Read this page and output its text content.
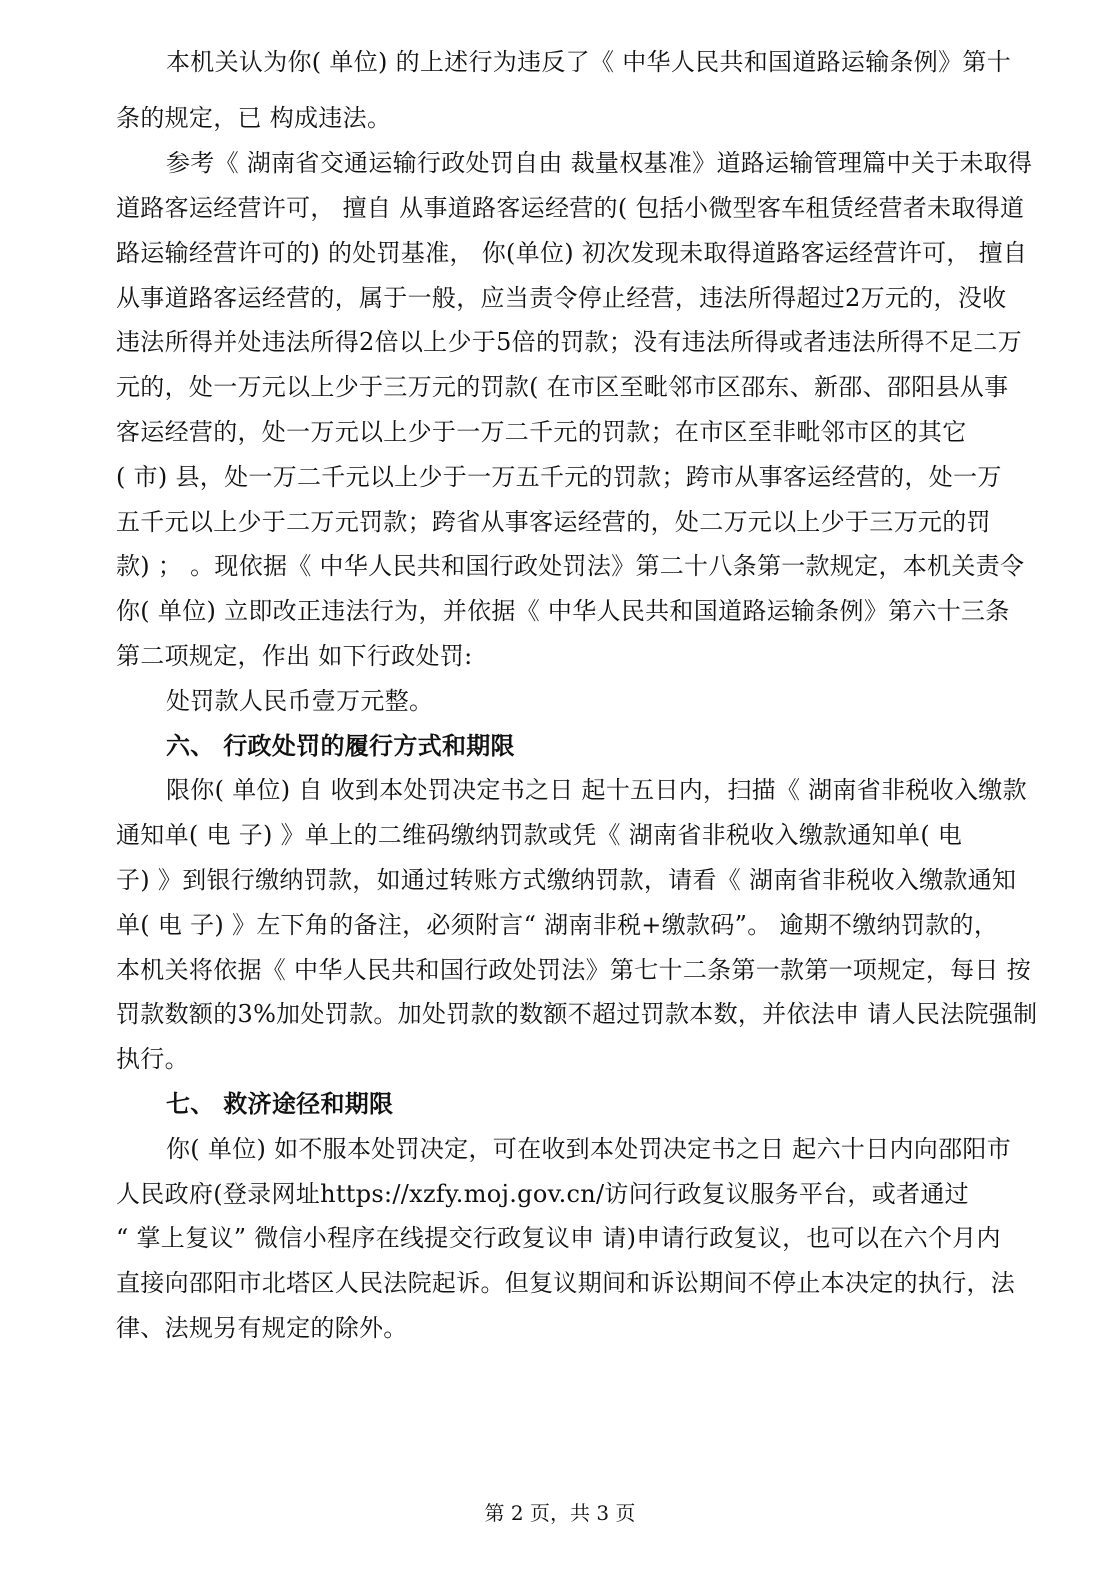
本机关认为你( 单位) 的上述行为违反了《 中华人民共和国道路运输条例》第十
条的规定，已 构成违法。
参考《 湖南省交通运输行政处罚自由 裁量权基准》道路运输管理篇中关于未取得
道路客运经营许可， 擅自 从事道路客运经营的( 包括小微型客车租赁经营者未取得道
路运输经营许可的) 的处罚基准， 你(单位) 初次发现未取得道路客运经营许可， 擅自
从事道路客运经营的，属于一般，应当责令停止经营，违法所得超过2万元的，没收
违法所得并处违法所得2倍以上少于5倍的罚款；没有违法所得或者违法所得不足二万
元的，处一万元以上少于三万元的罚款( 在市区至毗邻市区邵东、新邵、邵阳县从事
客运经营的，处一万元以上少于一万二千元的罚款；在市区至非毗邻市区的其它
( 市) 县，处一万二千元以上少于一万五千元的罚款；跨市从事客运经营的，处一万
五千元以上少于二万元罚款；跨省从事客运经营的，处二万元以上少于三万元的罚
款) ； 。现依据《 中华人民共和国行政处罚法》第二十八条第一款规定，本机关责令
你( 单位) 立即改正违法行为，并依据《 中华人民共和国道路运输条例》第六十三条
第二项规定，作出 如下行政处罚:
处罚款人民币壹万元整。
六、 行政处罚的履行方式和期限
限你( 单位) 自 收到本处罚决定书之日 起十五日内，扫描《 湖南省非税收入缴款
通知单( 电 子) 》单上的二维码缴纳罚款或凭《 湖南省非税收入缴款通知单( 电
子) 》到银行缴纳罚款，如通过转账方式缴纳罚款，请看《 湖南省非税收入缴款通知
单( 电 子) 》左下角的备注，必须附言“ 湖南非税+缴款码”。 逾期不缴纳罚款的，
本机关将依据《 中华人民共和国行政处罚法》第七十二条第一款第一项规定，每日 按
罚款数额的3%加处罚款。加处罚款的数额不超过罚款本数，并依法申 请人民法院强制
执行。
七、 救济途径和期限
你( 单位) 如不服本处罚决定，可在收到本处罚决定书之日 起六十日内向邵阳市
人民政府(登录网址https://xzfy.moj.gov.cn/访问行政复议服务平台，或者通过
“ 掌上复议” 微信小程序在线提交行政复议申 请)申请行政复议，也可以在六个月内
直接向邵阳市北塔区人民法院起诉。但复议期间和诉讼期间不停止本决定的执行，法
律、法规另有规定的除外。
第 2 页，共 3 页
